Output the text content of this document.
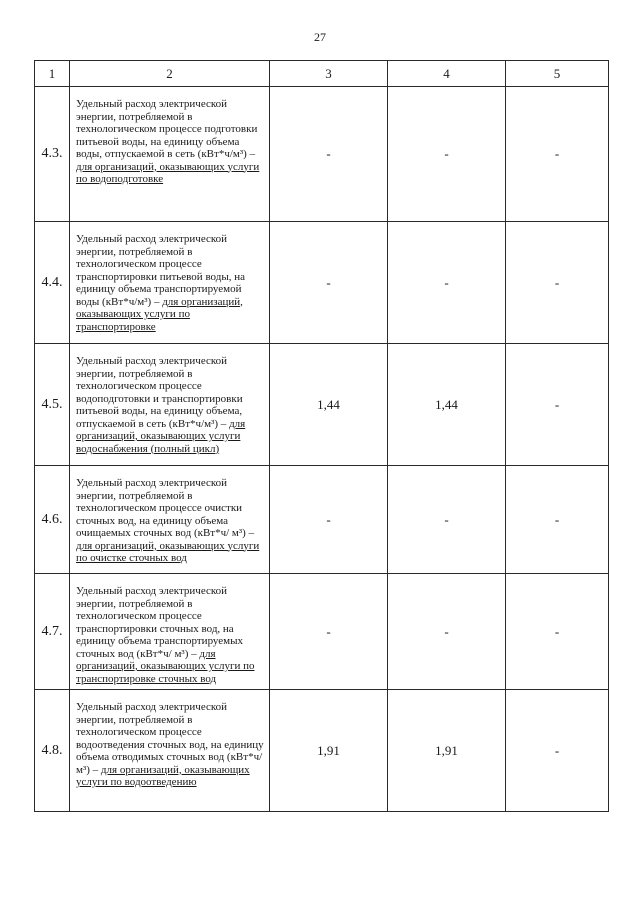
27
1	2	3	4	5
4.3.	Удельный расход электрической энергии, потребляемой в технологическом процессе подготовки питьевой воды, на единицу объема воды, отпускаемой в сеть (кВт*ч/м³) – для организаций, оказывающих услуги по водоподготовке	-	-	-
4.4.	Удельный расход электрической энергии, потребляемой в технологическом процессе транспортировки питьевой воды, на единицу объема транспортируемой воды (кВт*ч/м³) – для организаций, оказывающих услуги по транспортировке	-	-	-
4.5.	Удельный расход электрической энергии, потребляемой в технологическом процессе водоподготовки и транспортировки питьевой воды, на единицу объема, отпускаемой в сеть (кВт*ч/м³) – для организаций, оказывающих услуги водоснабжения (полный цикл)	1,44	1,44	-
4.6.	Удельный расход электрической энергии, потребляемой в технологическом процессе очистки сточных вод, на единицу объема очищаемых сточных вод (кВт*ч/ м³) – для организаций, оказывающих услуги по очистке сточных вод	-	-	-
4.7.	Удельный расход электрической энергии, потребляемой в технологическом процессе транспортировки сточных вод, на единицу объема транспортируемых сточных вод (кВт*ч/ м³) – для организаций, оказывающих услуги по транспортировке сточных вод	-	-	-
4.8.	Удельный расход электрической энергии, потребляемой в технологическом процессе водоотведения сточных вод, на единицу объема отводимых сточных вод (кВт*ч/ м³) – для организаций, оказывающих услуги по водоотведению	1,91	1,91	-
